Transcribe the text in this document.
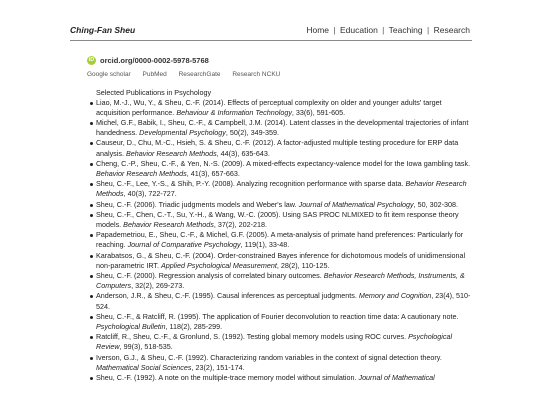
Ching-Fan Sheu	Home | Education | Teaching | Research
iD orcid.org/0000-0002-5978-5768
Google scholar PubMed ResearchGate Research NCKU
Selected Publications in Psychology
Liao, M.-J., Wu, Y., & Sheu, C.-F. (2014). Effects of perceptual complexity on older and younger adults' target acquisition performance. Behaviour & Information Technology, 33(6), 591-605.
Michel, G.F., Babik, I., Sheu, C.-F., & Campbell, J.M. (2014). Latent classes in the developmental trajectories of infant handedness. Developmental Psychology, 50(2), 349-359.
Causeur, D., Chu, M.-C., Hsieh, S. & Sheu, C.-F. (2012). A factor-adjusted multiple testing procedure for ERP data analysis. Behavior Research Methods, 44(3), 635-643.
Cheng, C.-P., Sheu, C.-F., & Yen, N.-S. (2009). A mixed-effects expectancy-valence model for the Iowa gambling task. Behavior Research Methods, 41(3), 657-663.
Sheu, C.-F., Lee, Y.-S., & Shih, P.-Y. (2008). Analyzing recognition performance with sparse data. Behavior Research Methods, 40(3), 722-727.
Sheu, C.-F. (2006). Triadic judgments models and Weber's law. Journal of Mathematical Psychology, 50, 302-308.
Sheu, C.-F., Chen, C.-T., Su, Y.-H., & Wang, W.-C. (2005). Using SAS PROC NLMIXED to fit item response theory models. Behavior Research Methods, 37(2), 202-218.
Papademetriou, E., Sheu, C.-F., & Michel, G.F. (2005). A meta-analysis of primate hand preferences: Particularly for reaching. Journal of Comparative Psychology, 119(1), 33-48.
Karabatsos, G., & Sheu, C.-F. (2004). Order-constrained Bayes inference for dichotomous models of unidimensional non-parametric IRT. Applied Psychological Measurement, 28(2), 110-125.
Sheu, C.-F. (2000). Regression analysis of correlated binary outcomes. Behavior Research Methods, Instruments, & Computers, 32(2), 269-273.
Anderson, J.R., & Sheu, C.-F. (1995). Causal inferences as perceptual judgments. Memory and Cognition, 23(4), 510-524.
Sheu, C.-F., & Ratcliff, R. (1995). The application of Fourier deconvolution to reaction time data: A cautionary note. Psychological Bulletin, 118(2), 285-299.
Ratcliff, R., Sheu, C.-F., & Gronlund, S. (1992). Testing global memory models using ROC curves. Psychological Review, 99(3), 518-535.
Iverson, G.J., & Sheu, C.-F. (1992). Characterizing random variables in the context of signal detection theory. Mathematical Social Sciences, 23(2), 151-174.
Sheu, C.-F. (1992). A note on the multiple-trace memory model without simulation. Journal of Mathematical
